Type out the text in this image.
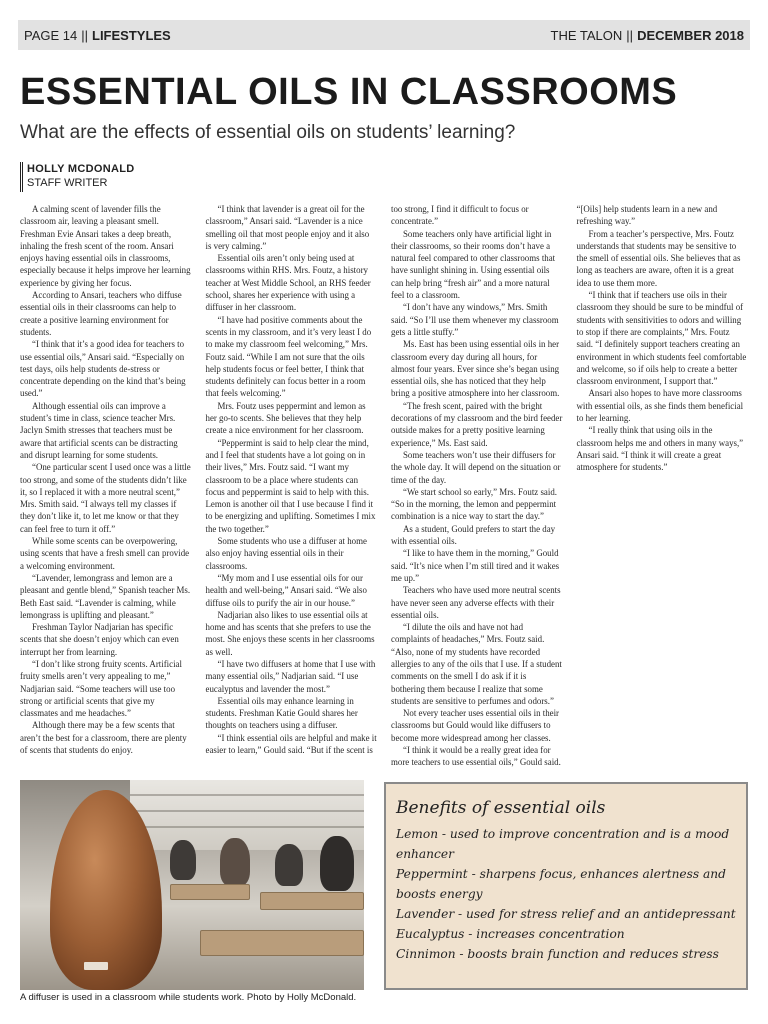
PAGE 14 || LIFESTYLES	THE TALON || DECEMBER 2018
ESSENTIAL OILS IN CLASSROOMS
What are the effects of essential oils on students’ learning?
HOLLY MCDONALD
STAFF WRITER

A calming scent of lavender fills the classroom air, leaving a pleasant smell. Freshman Evie Ansari takes a deep breath, inhaling the fresh scent of the room. Ansari enjoys having essential oils in classrooms, especially because it helps improve her learning experience by giving her focus.

According to Ansari, teachers who diffuse essential oils in their classrooms can help to create a positive learning environment for students.

“I think that it’s a good idea for teachers to use essential oils,” Ansari said. “Especially on test days, oils help students de-stress or concentrate depending on the kind that’s being used.”

Although essential oils can improve a student’s time in class, science teacher Mrs. Jaclyn Smith stresses that teachers must be aware that artificial scents can be distracting and disrupt learning for some students.

“One particular scent I used once was a little too strong, and some of the students didn’t like it, so I replaced it with a more neutral scent,” Mrs. Smith said. “I always tell my classes if they don’t like it, to let me know or that they can feel free to turn it off.”

While some scents can be overpowering, using scents that have a fresh smell can provide a welcoming environment.

“Lavender, lemongrass and lemon are a pleasant and gentle blend,” Spanish teacher Ms. Beth East said. “Lavender is calming, while lemongrass is uplifting and pleasant.”

Freshman Taylor Nadjarian has specific scents that she doesn’t enjoy which can even interrupt her from learning.

“I don’t like strong fruity scents. Artificial fruity smells aren’t very appealing to me,” Nadjarian said. “Some teachers will use too strong or artificial scents that give my classmates and me headaches.”

Although there may be a few scents that aren’t the best for a classroom, there are plenty of scents that students do enjoy.

“I think that lavender is a great oil for the classroom,” Ansari said. “Lavender is a nice smelling oil that most people enjoy and it also is very calming.”

Essential oils aren’t only being used at classrooms within RHS. Mrs. Foutz, a history teacher at West Middle School, an RHS feeder school, shares her experience with using a diffuser in her classroom.

“I have had positive comments about the scents in my classroom, and it’s very least I do to make my classroom feel welcoming,” Mrs. Foutz said. “While I am not sure that the oils help students focus or feel better, I think that students definitely can focus better in a room that feels welcoming.”

Mrs. Foutz uses peppermint and lemon as her go-to scents. She believes that they help create a nice environment for her classroom.

“Peppermint is said to help clear the mind, and I feel that students have a lot going on in their lives,” Mrs. Foutz said. “I want my classroom to be a place where students can focus and peppermint is said to help with this. Lemon is another oil that I use because I find it to be energizing and uplifting. Sometimes I mix the two together.”

Some students who use a diffuser at home also enjoy having essential oils in their classrooms.

“My mom and I use essential oils for our health and well-being,” Ansari said. “We also diffuse oils to purify the air in our house.”

Nadjarian also likes to use essential oils at home and has scents that she prefers to use the most. She enjoys these scents in her classrooms as well.

“I have two diffusers at home that I use with many essential oils,” Nadjarian said. “I use eucalyptus and lavender the most.”

Essential oils may enhance learning in students. Freshman Katie Gould shares her thoughts on teachers using a diffuser.

“I think essential oils are helpful and make it easier to learn,” Gould said. “But if the scent is too strong, I find it difficult to focus or concentrate.”

Some teachers only have artificial light in their classrooms, so their rooms don’t have a natural feel compared to other classrooms that have sunlight shining in. Using essential oils can help bring “fresh air” and a more natural feel to a classroom.

“I don’t have any windows,” Mrs. Smith said. “So I’ll use them whenever my classroom gets a little stuffy.”

Ms. East has been using essential oils in her classroom every day during all hours, for almost four years. Ever since she’s began using essential oils, she has noticed that they help bring a positive atmosphere into her classroom.

“The fresh scent, paired with the bright decorations of my classroom and the bird feeder outside makes for a pretty positive learning experience,” Ms. East said.

Some teachers won’t use their diffusers for the whole day. It will depend on the situation or time of the day.

“We start school so early,” Mrs. Foutz said. “So in the morning, the lemon and peppermint combination is a nice way to start the day.”

As a student, Gould prefers to start the day with essential oils.

“I like to have them in the morning,” Gould said. “It’s nice when I’m still tired and it wakes me up.”

Teachers who have used more neutral scents have never seen any adverse effects with their essential oils.

“I dilute the oils and have not had complaints of headaches,” Mrs. Foutz said. “Also, none of my students have recorded allergies to any of the oils that I use. If a student comments on the smell I do ask if it is bothering them because I realize that some students are sensitive to perfumes and odors.”

Not every teacher uses essential oils in their classrooms but Gould would like diffusers to become more widespread among her classes.

“I think it would be a really great idea for more teachers to use essential oils,” Gould said. “[Oils] help students learn in a new and refreshing way.”

From a teacher’s perspective, Mrs. Foutz understands that students may be sensitive to the smell of essential oils. She believes that as long as teachers are aware, often it is a great idea to use them more.

“I think that if teachers use oils in their classroom they should be sure to be mindful of students with sensitivities to odors and willing to stop if there are complaints,” Mrs. Foutz said. “I definitely support teachers creating an environment in which students feel comfortable and welcome, so if oils help to create a better classroom environment, I support that.”

Ansari also hopes to have more classrooms with essential oils, as she finds them beneficial to her learning.

“I really think that using oils in the classroom helps me and others in many ways,” Ansari said. “I think it will create a great atmosphere for students.”

A diffuser is used in a classroom while students work. Photo by Holly McDonald.
Benefits of essential oils
Lemon - used to improve concentration and is a mood enhancer
Peppermint - sharpens focus, enhances alertness and boosts energy
Lavender - used for stress relief and an antidepressant
Eucalyptus - increases concentration
Cinnimon - boosts brain function and reduces stress
